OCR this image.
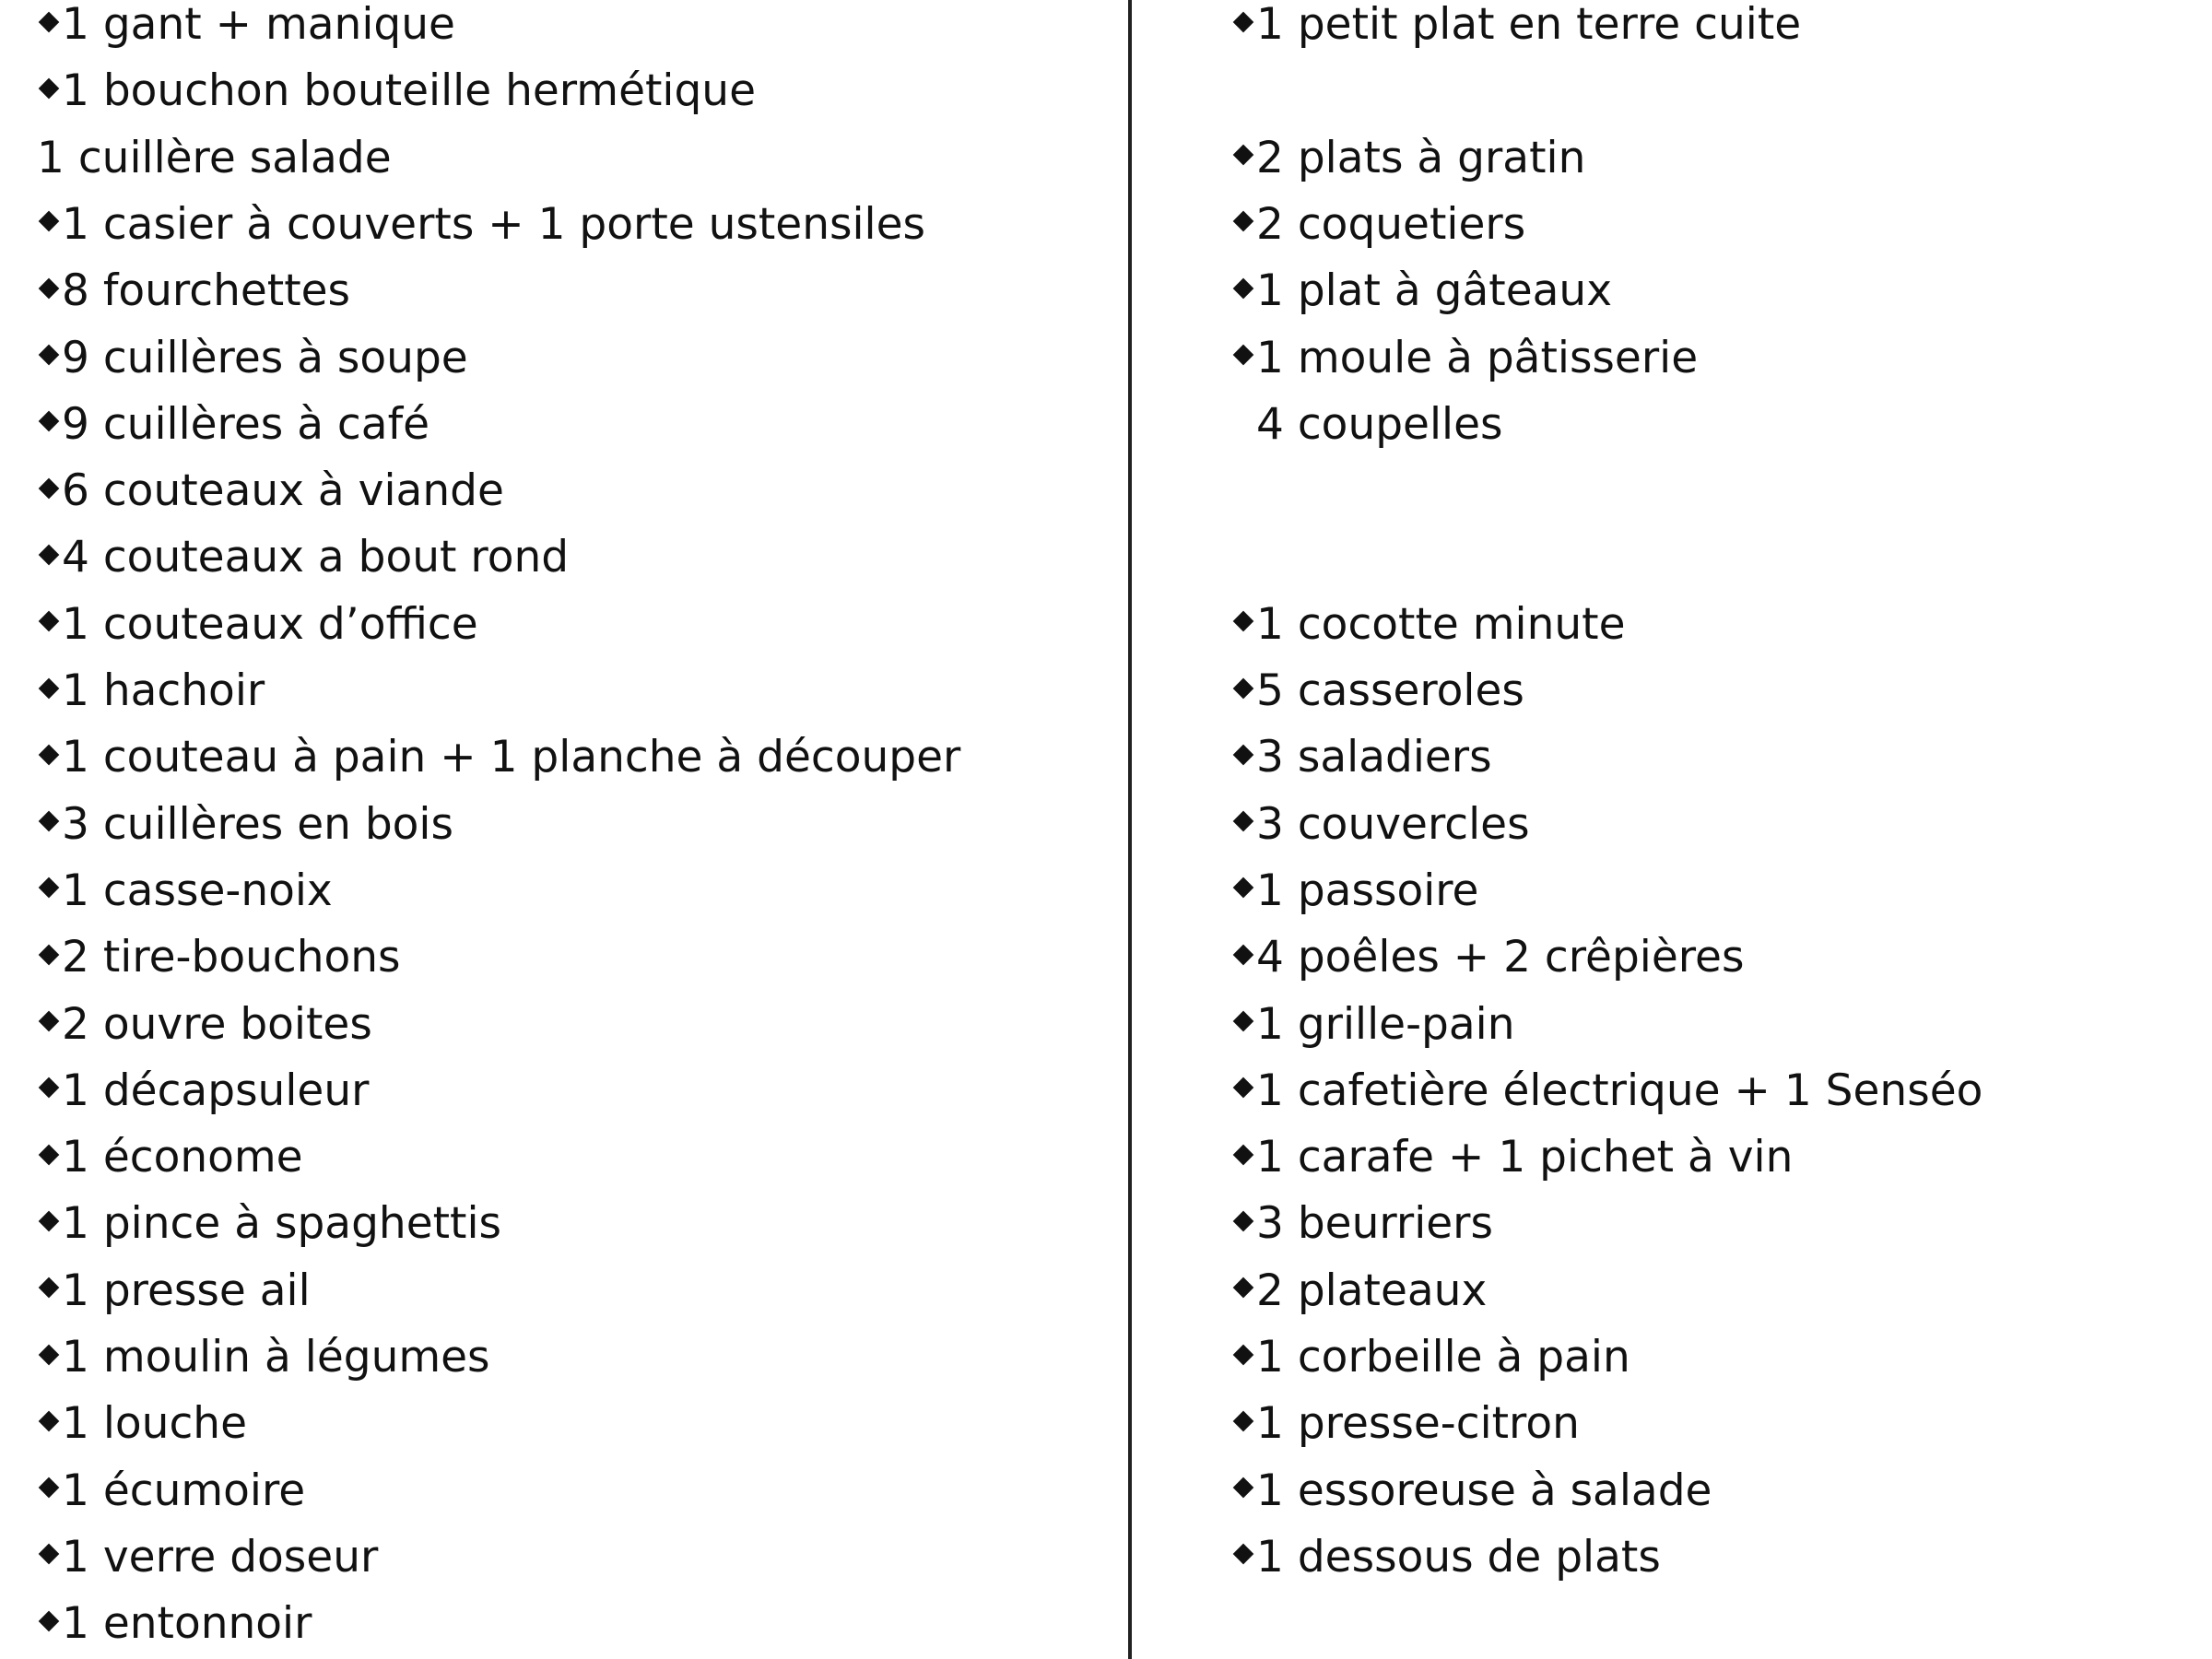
1 gant + manique
1 bouchon bouteille hermétique
1 cuillère salade
1 casier à couverts + 1 porte ustensiles
8 fourchettes
9 cuillères à soupe
9 cuillères à café
6 couteaux à viande
4 couteaux a bout rond
1 couteaux d’office
1 hachoir
1 couteau à pain + 1 planche à découper
3 cuillères en bois
1 casse-noix
2 tire-bouchons
2 ouvre boites
1 décapsuleur
1 économe
1 pince à spaghettis
1 presse ail
1 moulin à légumes
1 louche
1 écumoire
1 verre doseur
1 entonnoir
1 petit plat en terre cuite
2 plats à gratin
2 coquetiers
1 plat à gâteaux
1 moule à pâtisserie
4 coupelles
1 cocotte minute
5 casseroles
3 saladiers
3 couvercles
1 passoire
4 poêles + 2 crêpières
1 grille-pain
1 cafetière électrique + 1 Senséo
1 carafe + 1 pichet à vin
3 beurriers
2 plateaux
1 corbeille à pain
1 presse-citron
1 essoreuse à salade
1 dessous de plats
